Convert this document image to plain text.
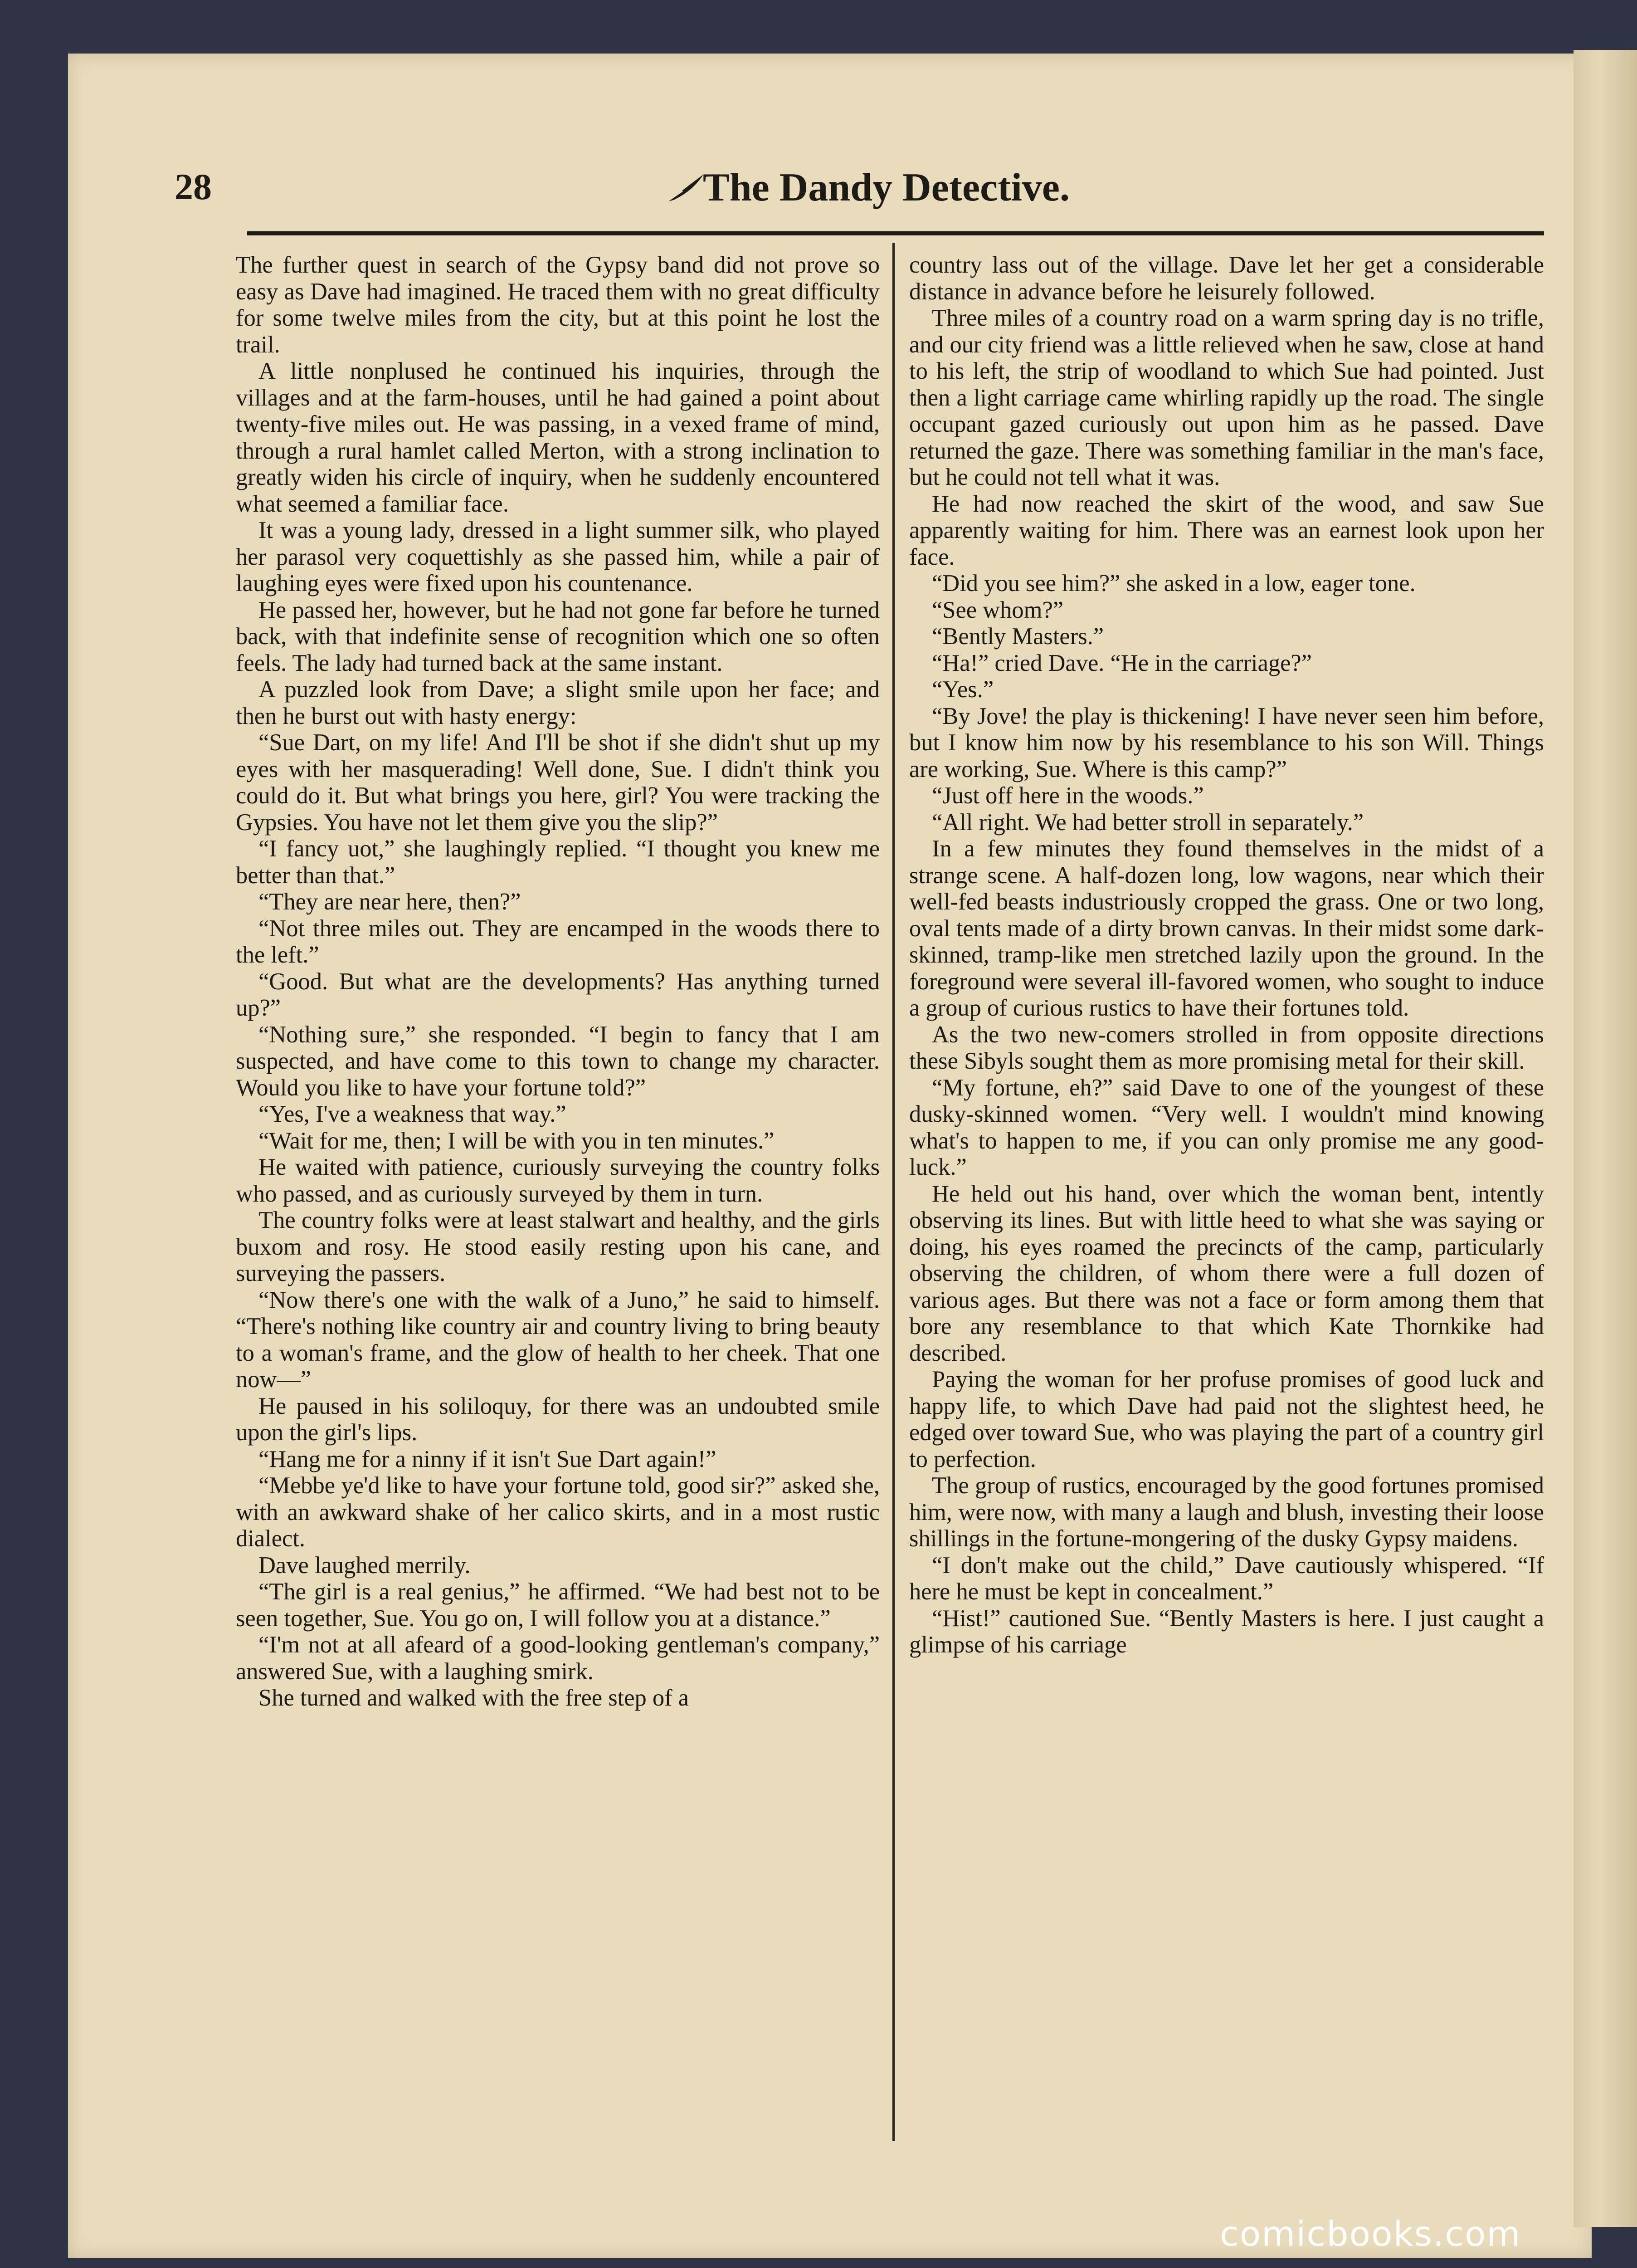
28	The Dandy Detective.

The further quest in search of the Gypsy band did not prove so easy as Dave had imagined. He traced them with no great difficulty for some twelve miles from the city, but at this point he lost the trail.

A little nonplused he continued his inquiries, through the villages and at the farm-houses, until he had gained a point about twenty-five miles out. He was passing, in a vexed frame of mind, through a rural hamlet called Merton, with a strong inclination to greatly widen his circle of inquiry, when he suddenly encountered what seemed a familiar face.

It was a young lady, dressed in a light summer silk, who played her parasol very coquettishly as she passed him, while a pair of laughing eyes were fixed upon his countenance.

He passed her, however, but he had not gone far before he turned back, with that indefinite sense of recognition which one so often feels. The lady had turned back at the same instant.

A puzzled look from Dave; a slight smile upon her face; and then he burst out with hasty energy:

“Sue Dart, on my life! And I'll be shot if she didn't shut up my eyes with her masquerading! Well done, Sue. I didn't think you could do it. But what brings you here, girl? You were tracking the Gypsies. You have not let them give you the slip?”

“I fancy uot,” she laughingly replied. “I thought you knew me better than that.”

“They are near here, then?”

“Not three miles out. They are encamped in the woods there to the left.”

“Good. But what are the developments? Has anything turned up?”

“Nothing sure,” she responded. “I begin to fancy that I am suspected, and have come to this town to change my character. Would you like to have your fortune told?”

“Yes, I've a weakness that way.”

“Wait for me, then; I will be with you in ten minutes.”

He waited with patience, curiously surveying the country folks who passed, and as curiously surveyed by them in turn.

The country folks were at least stalwart and healthy, and the girls buxom and rosy. He stood easily resting upon his cane, and surveying the passers.

“Now there's one with the walk of a Juno,” he said to himself. “There's nothing like country air and country living to bring beauty to a woman's frame, and the glow of health to her cheek. That one now—”

He paused in his soliloquy, for there was an undoubted smile upon the girl's lips.

“Hang me for a ninny if it isn't Sue Dart again!”

“Mebbe ye'd like to have your fortune told, good sir?” asked she, with an awkward shake of her calico skirts, and in a most rustic dialect.

Dave laughed merrily.

“The girl is a real genius,” he affirmed. “We had best not to be seen together, Sue. You go on, I will follow you at a distance.”

“I'm not at all afeard of a good-looking gentleman's company,” answered Sue, with a laughing smirk.

She turned and walked with the free step of a

country lass out of the village. Dave let her get a considerable distance in advance before he leisurely followed.

Three miles of a country road on a warm spring day is no trifle, and our city friend was a little relieved when he saw, close at hand to his left, the strip of woodland to which Sue had pointed. Just then a light carriage came whirling rapidly up the road. The single occupant gazed curiously out upon him as he passed. Dave returned the gaze. There was something familiar in the man's face, but he could not tell what it was.

He had now reached the skirt of the wood, and saw Sue apparently waiting for him. There was an earnest look upon her face.

“Did you see him?” she asked in a low, eager tone.

“See whom?”

“Bently Masters.”

“Ha!” cried Dave. “He in the carriage?”

“Yes.”

“By Jove! the play is thickening! I have never seen him before, but I know him now by his resemblance to his son Will. Things are working, Sue. Where is this camp?”

“Just off here in the woods.”

“All right. We had better stroll in separately.”

In a few minutes they found themselves in the midst of a strange scene. A half-dozen long, low wagons, near which their well-fed beasts industriously cropped the grass. One or two long, oval tents made of a dirty brown canvas. In their midst some dark-skinned, tramp-like men stretched lazily upon the ground. In the foreground were several ill-favored women, who sought to induce a group of curious rustics to have their fortunes told.

As the two new-comers strolled in from opposite directions these Sibyls sought them as more promising metal for their skill.

“My fortune, eh?” said Dave to one of the youngest of these dusky-skinned women. “Very well. I wouldn't mind knowing what's to happen to me, if you can only promise me any good-luck.”

He held out his hand, over which the woman bent, intently observing its lines. But with little heed to what she was saying or doing, his eyes roamed the precincts of the camp, particularly observing the children, of whom there were a full dozen of various ages. But there was not a face or form among them that bore any resemblance to that which Kate Thornkike had described.

Paying the woman for her profuse promises of good luck and happy life, to which Dave had paid not the slightest heed, he edged over toward Sue, who was playing the part of a country girl to perfection.

The group of rustics, encouraged by the good fortunes promised him, were now, with many a laugh and blush, investing their loose shillings in the fortune-mongering of the dusky Gypsy maidens.

“I don't make out the child,” Dave cautiously whispered. “If here he must be kept in concealment.”

“Hist!” cautioned Sue. “Bently Masters is here. I just caught a glimpse of his carriage

comicbooks.com
